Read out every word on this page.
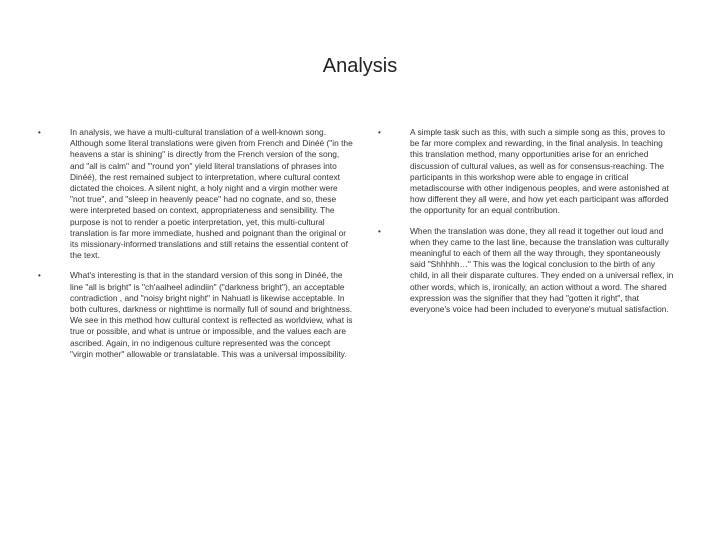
Analysis
•	In analysis, we have a multi-cultural translation of a well-known song. Although some literal translations were given from French and Dinéé ("in the heavens a star is shining" is directly from the French version of the song, and "all is calm" and "'round yon" yield literal translations of phrases into Dinéé), the rest remained subject to interpretation, where cultural context dictated the choices. A silent night, a holy night and a virgin mother were "not true", and "sleep in heavenly peace" had no cognate, and so, these were interpreted based on context, appropriateness and sensibility. The purpose is not to render a poetic interpretation, yet, this multi-cultural translation is far more immediate, hushed and poignant than the original or its missionary-informed translations and still retains the essential content of the text.
•	What's interesting is that in the standard version of this song in Dinéé, the line "all is bright" is "ch'aalheel adindiin" ("darkness bright"), an acceptable contradiction , and "noisy bright night" in Nahuatl is likewise acceptable. In both cultures, darkness or nighttime is normally full of sound and brightness. We see in this method how cultural context is reflected as worldview, what is true or possible, and what is untrue or impossible, and the values each are ascribed. Again, in no indigenous culture represented was the concept "virgin mother" allowable or translatable. This was a universal impossibility.
•	A simple task such as this, with such a simple song as this, proves to be far more complex and rewarding, in the final analysis. In teaching this translation method, many opportunities arise for an enriched discussion of cultural values, as well as for consensus-reaching. The participants in this workshop were able to engage in critical metadiscourse with other indigenous peoples, and were astonished at how different they all were, and how yet each participant was afforded the opportunity for an equal contribution.
•	When the translation was done, they all read it together out loud and when they came to the last line, because the translation was culturally meaningful to each of them all the way through, they spontaneously said "Shhhhh…" This was the logical conclusion to the birth of any child, in all their disparate cultures. They ended on a universal reflex, in other words, which is, ironically, an action without a word. The shared expression was the signifier that they had "gotten it right", that everyone's voice had been included to everyone's mutual satisfaction.
